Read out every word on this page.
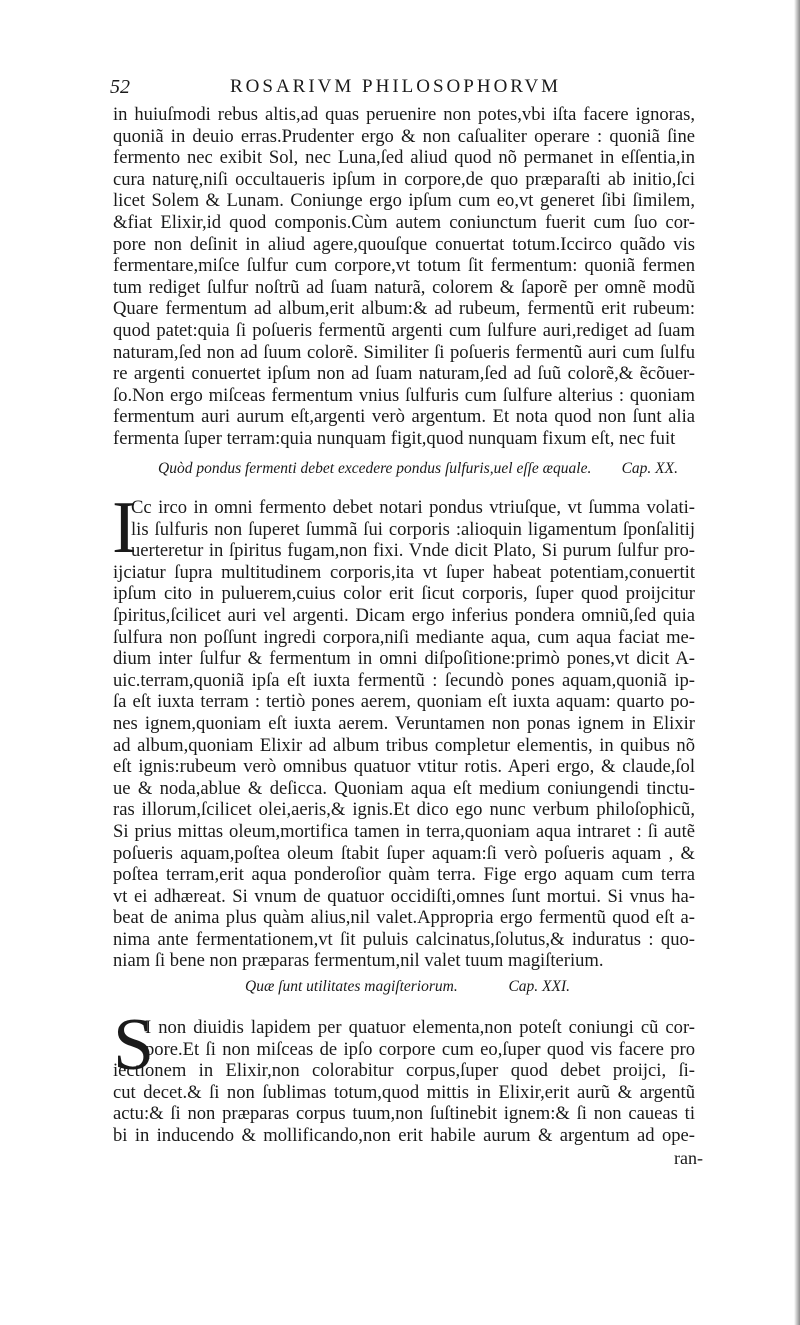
52	ROSARIVM PHILOSOPHORVM
in huiuſmodi rebus altis,ad quas peruenire non potes,vbi iſta facere ignoras,
quoniã in deuio erras.Prudenter ergo & non caſualiter operare : quoniã ſine
fermento nec exibit Sol, nec Luna,ſed aliud quod nõ permanet in eſſentia,in
cura naturę,niſi occultaueris ipſum in corpore,de quo præparaſti ab initio,ſci
licet Solem & Lunam. Coniunge ergo ipſum cum eo,vt generet ſibi ſimilem,
&fiat Elixir,id quod componis.Cùm autem coniunctum fuerit cum ſuo cor-
pore non deſinit in aliud agere,quouſque conuertat totum.Iccirco quãdo vis
fermentare,miſce ſulfur cum corpore,vt totum ſit fermentum: quoniã fermen
tum rediget ſulfur noſtrũ ad ſuam naturã, colorem & ſaporẽ per omnẽ modũ
Quare fermentum ad album,erit album:& ad rubeum, fermentũ erit rubeum:
quod patet:quia ſi poſueris fermentũ argenti cum ſulfure auri,rediget ad ſuam
naturam,ſed non ad ſuum colorẽ. Similiter ſi poſueris fermentũ auri cum ſulfu
re argenti conuertet ipſum non ad ſuam naturam,ſed ad ſuũ colorẽ,& ẽcõuer-
ſo.Non ergo miſceas fermentum vnius ſulfuris cum ſulfure alterius : quoniam
fermentum auri aurum eſt,argenti verò argentum. Et nota quod non ſunt alia
fermenta ſuper terram:quia nunquam figit,quod nunquam fixum eſt, nec fuit
Quòd pondus fermenti debet excedere pondus ſulfuris,uel eſſe æquale. Cap. XX.
I
Cc irco in omni fermento debet notari pondus vtriuſque, vt ſumma volati-
lis ſulfuris non ſuperet ſummã ſui corporis :alioquin ligamentum ſponſalitij
uerteretur in ſpiritus fugam,non fixi. Vnde dicit Plato, Si purum ſulfur pro-
ijciatur ſupra multitudinem corporis,ita vt ſuper habeat potentiam,conuertit
ipſum cito in puluerem,cuius color erit ſicut corporis, ſuper quod proijcitur
ſpiritus,ſcilicet auri vel argenti. Dicam ergo inferius pondera omniũ,ſed quia
ſulfura non poſſunt ingredi corpora,niſi mediante aqua, cum aqua faciat me-
dium inter ſulfur & fermentum in omni diſpoſitione:primò pones,vt dicit A-
uic.terram,quoniã ipſa eſt iuxta fermentũ : ſecundò pones aquam,quoniã ip-
ſa eſt iuxta terram : tertiò pones aerem, quoniam eſt iuxta aquam: quarto po-
nes ignem,quoniam eſt iuxta aerem. Veruntamen non ponas ignem in Elixir
ad album,quoniam Elixir ad album tribus completur elementis, in quibus nõ
eſt ignis:rubeum verò omnibus quatuor vtitur rotis. Aperi ergo, & claude,ſol
ue & noda,ablue & deſicca. Quoniam aqua eſt medium coniungendi tinctu-
ras illorum,ſcilicet olei,aeris,& ignis.Et dico ego nunc verbum philoſophicũ,
Si prius mittas oleum,mortifica tamen in terra,quoniam aqua intraret : ſi autẽ
poſueris aquam,poſtea oleum ſtabit ſuper aquam:ſi verò poſueris aquam , &
poſtea terram,erit aqua ponderoſior quàm terra. Fige ergo aquam cum terra
vt ei adhæreat. Si vnum de quatuor occidiſti,omnes ſunt mortui. Si vnus ha-
beat de anima plus quàm alius,nil valet.Appropria ergo fermentũ quod eſt a-
nima ante fermentationem,vt ſit puluis calcinatus,ſolutus,& induratus : quo-
niam ſi bene non præparas fermentum,nil valet tuum magiſterium.
Quæ ſunt utilitates magiſteriorum.	Cap. XXI.
S
I non diuidis lapidem per quatuor elementa,non poteſt coniungi cũ cor-
pore.Et ſi non miſceas de ipſo corpore cum eo,ſuper quod vis facere pro
iectionem in Elixir,non colorabitur corpus,ſuper quod debet proijci, ſi-
cut decet.& ſi non ſublimas totum,quod mittis in Elixir,erit aurũ & argentũ
actu:& ſi non præparas corpus tuum,non ſuſtinebit ignem:& ſi non caueas ti
bi in inducendo & mollificando,non erit habile aurum & argentum ad ope-
ran-
